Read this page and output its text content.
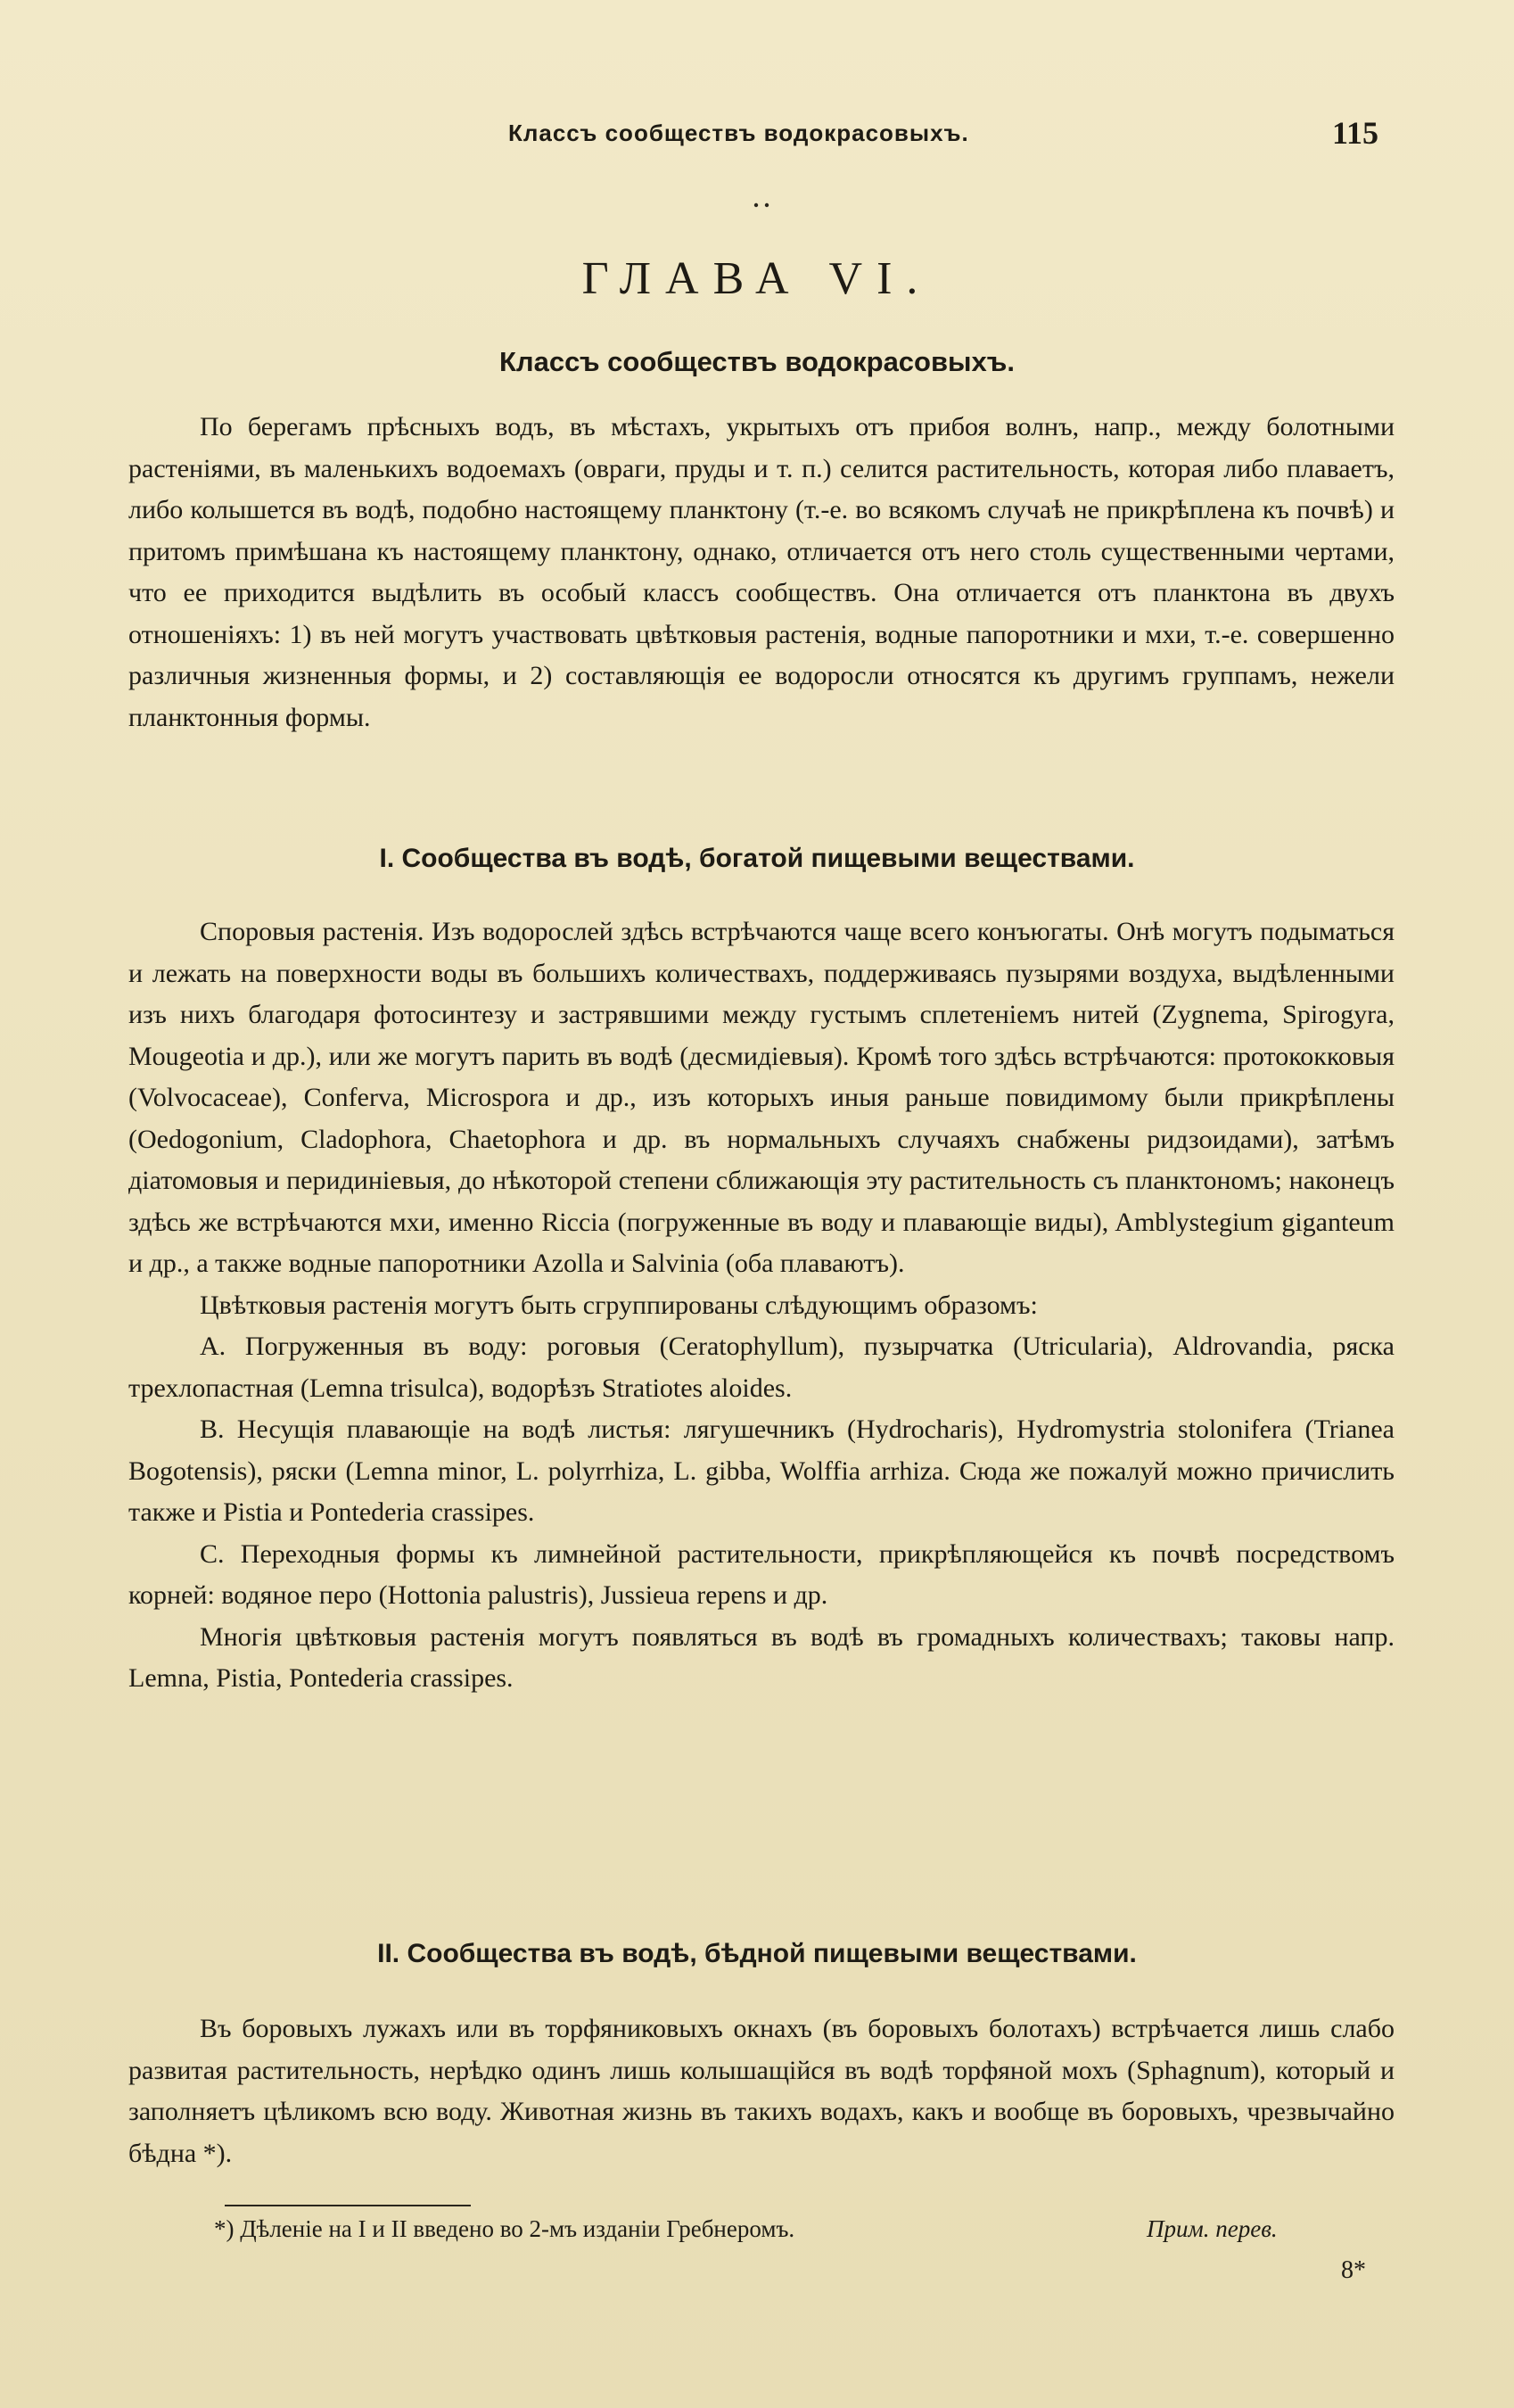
Классъ сообществъ водокрасовыхъ.	115
ГЛАВА VI.
Классъ сообществъ водокрасовыхъ.

По берегамъ прѣсныхъ водъ, въ мѣстахъ, укрытыхъ отъ прибоя волнъ, напр., между болотными растеніями, въ маленькихъ водоемахъ (овраги, пруды и т. п.) селится растительность, которая либо плаваетъ, либо колышется въ водѣ, подобно настоящему планктону (т.-е. во всякомъ случаѣ не прикрѣплена къ почвѣ) и притомъ примѣшана къ настоящему планктону, однако, отличается отъ него столь существенными чертами, что ее приходится выдѣлить въ особый классъ сообществъ. Она отличается отъ планктона въ двухъ отношеніяхъ: 1) въ ней могутъ участвовать цвѣтковыя растенія, водные папоротники и мхи, т.-е. совершенно различныя жизненныя формы, и 2) составляющія ее водоросли относятся къ другимъ группамъ, нежели планктонныя формы.

I. Сообщества въ водѣ, богатой пищевыми веществами.

Споровыя растенія. Изъ водорослей здѣсь встрѣчаются чаще всего конъюгаты. Онѣ могутъ подыматься и лежать на поверхности воды въ большихъ количествахъ, поддерживаясь пузырями воздуха, выдѣленными изъ нихъ благодаря фотосинтезу и застрявшими между густымъ сплетеніемъ нитей (Zygnema, Spirogyra, Mougeotia и др.), или же могутъ парить въ водѣ (десмидіевыя). Кромѣ того здѣсь встрѣчаются: протококковыя (Volvocaceae), Conferva, Microspora и др., изъ которыхъ иныя раньше повидимому были прикрѣплены (Oedogonium, Cladophora, Chaetophora и др. въ нормальныхъ случаяхъ снабжены ридзоидами), затѣмъ діатомовыя и перидиніевыя, до нѣкоторой степени сближающія эту растительность съ планктономъ; наконецъ здѣсь же встрѣчаются мхи, именно Riccia (погруженные въ воду и плавающіе виды), Amblystegium giganteum и др., а также водные папоротники Azolla и Salvinia (оба плаваютъ).

Цвѣтковыя растенія могутъ быть сгруппированы слѣдующимъ образомъ:

A. Погруженныя въ воду: роговыя (Ceratophyllum), пузырчатка (Utricularia), Aldrovandia, ряска трехлопастная (Lemna trisulca), водорѣзъ Stratiotes aloides.

B. Несущія плавающіе на водѣ листья: лягушечникъ (Hydrocharis), Hydromystria stolonifera (Trianea Bogotensis), ряски (Lemna minor, L. polyrrhiza, L. gibba, Wolffia arrhiza. Сюда же пожалуй можно причислить также и Pistia и Pontederia crassipes.

C. Переходныя формы къ лимнейной растительности, прикрѣпляющейся къ почвѣ посредствомъ корней: водяное перо (Hottonia palustris), Jussieua repens и др.

Многія цвѣтковыя растенія могутъ появляться въ водѣ въ громадныхъ количествахъ; таковы напр. Lemna, Pistia, Pontederia crassipes.

II. Сообщества въ водѣ, бѣдной пищевыми веществами.

Въ боровыхъ лужахъ или въ торфяниковыхъ окнахъ (въ боровыхъ болотахъ) встрѣчается лишь слабо развитая растительность, нерѣдко одинъ лишь колышащійся въ водѣ торфяной мохъ (Sphagnum), который и заполняетъ цѣликомъ всю воду. Животная жизнь въ такихъ водахъ, какъ и вообще въ боровыхъ, чрезвычайно бѣдна *).

*) Дѣленіе на I и II введено во 2-мъ изданіи Гребнеромъ.	Прим. перев.
8*
